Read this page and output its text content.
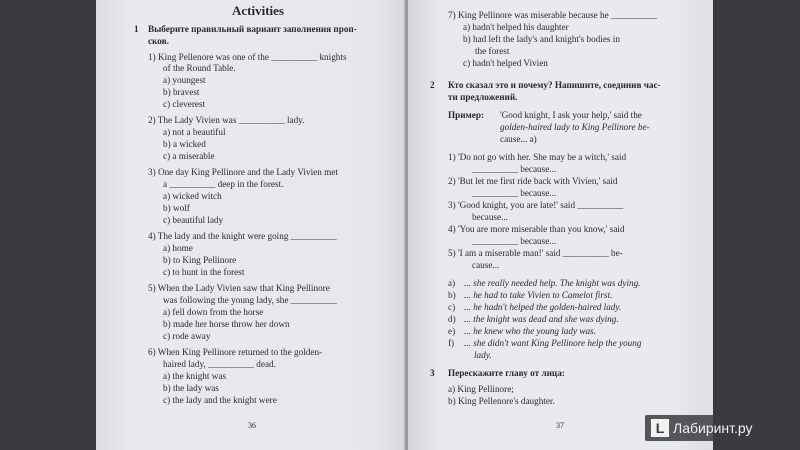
Activities
1 Выберите правильный вариант заполнения проп-
сков.
1) King Pellenore was one of the __________ knights
of the Round Table.
a) youngest
b) bravest
c) cleverest
2) The Lady Vivien was __________ lady.
a) not a beautiful
b) a wicked
c) a miserable
3) One day King Pellinore and the Lady Vivien met
a __________ deep in the forest.
a) wicked witch
b) wolf
c) beautiful lady
4) The lady and the knight were going __________
a) home
b) to King Pellinore
c) to hunt in the forest
5) When the Lady Vivien saw that King Pellinore
was following the young lady, she __________
a) fell down from the horse
b) made her horse throw her down
c) rode away
6) When King Pellinore returned to the golden-
haired lady, __________ dead.
a) the knight was
b) the lady was
c) the lady and the knight were
36
7) King Pellinore was miserable because he __________
a) hadn't helped his daughter
b) had left the lady's and knight's bodies in
the forest
c) hadn't helped Vivien
2 Кто сказал это и почему? Напишите, соединив час-
ти предложений.
Пример: 'Good knight, I ask your help,' said the
golden-haired lady to King Pellinore be-
cause... a)
1) 'Do not go with her. She may be a witch,' said
__________ because...
2) 'But let me first ride back with Vivien,' said
__________ because...
3) 'Good knight, you are late!' said __________
because...
4) 'You are more miserable than you know,' said
__________ because...
5) 'I am a miserable man!' said __________ be-
cause...
a) ... she really needed help. The knight was dying.
b) ... he had to take Vivien to Camelot first.
c) ... he hadn't helped the golden-haired lady.
d) ... the knight was dead and she was dying.
e) ... he knew who the young lady was.
f) ... she didn't want King Pellinore help the young
lady.
3 Перескажите главу от лица:
a) King Pellinore;
b) King Pellenore's daughter.
37	L Лабиринт.ру
